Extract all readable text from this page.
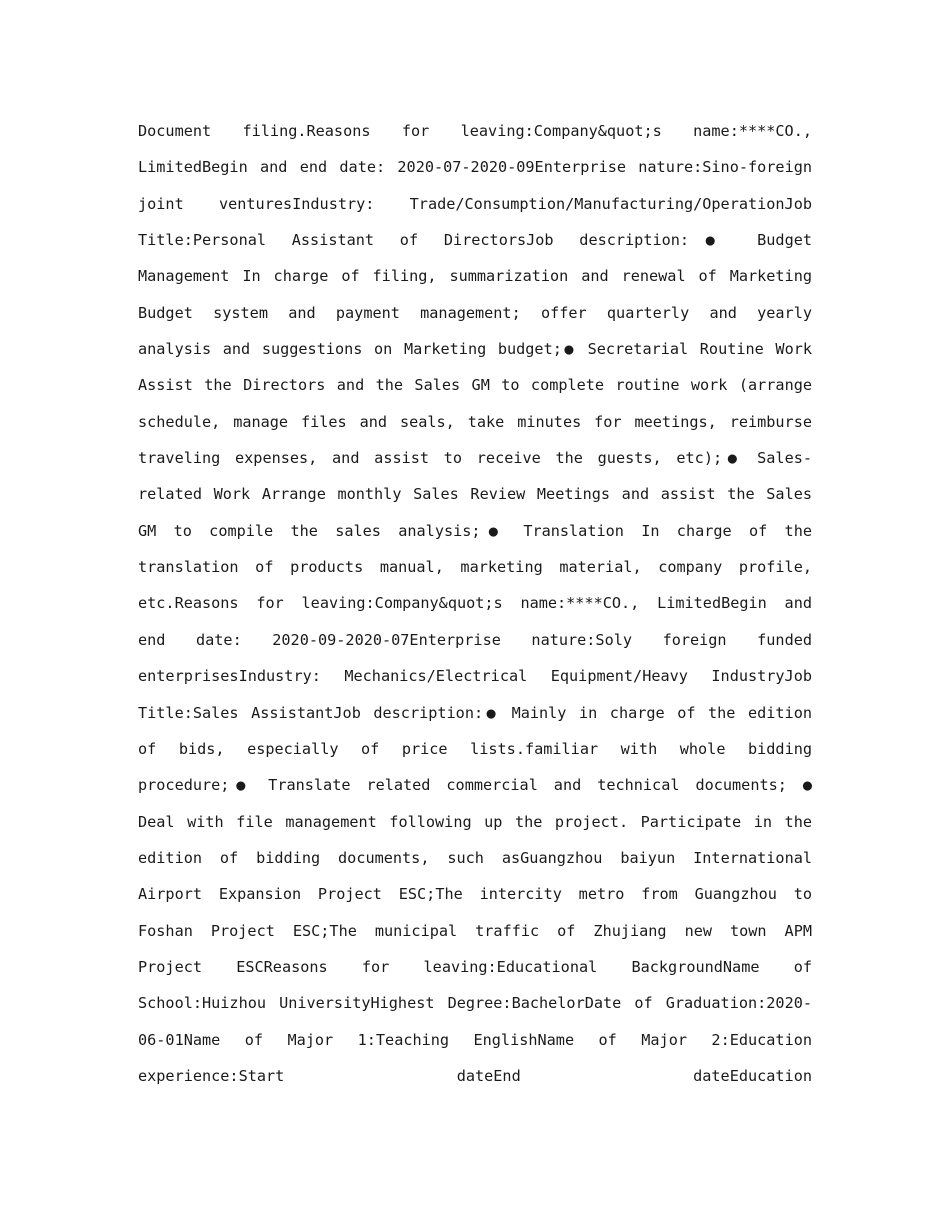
Document filing.Reasons for leaving:Company&quot;s name:****CO.,
LimitedBegin and end date: 2020-07-2020-09Enterprise nature:Sino-foreign
joint venturesIndustry: Trade/Consumption/Manufacturing/OperationJob
Title:Personal Assistant of DirectorsJob description:● Budget
Management In charge of filing, summarization and renewal of Marketing
Budget system and payment management; offer quarterly and yearly
analysis and suggestions on Marketing budget;● Secretarial Routine Work
Assist the Directors and the Sales GM to complete routine work (arrange
schedule, manage files and seals, take minutes for meetings, reimburse
traveling expenses, and assist to receive the guests, etc);● Sales-
related Work Arrange monthly Sales Review Meetings and assist the Sales
GM to compile the sales analysis;● Translation In charge of the
translation of products manual, marketing material, company profile,
etc.Reasons for leaving:Company&quot;s name:****CO., LimitedBegin and
end date: 2020-09-2020-07Enterprise nature:Soly foreign funded
enterprisesIndustry: Mechanics/Electrical Equipment/Heavy IndustryJob
Title:Sales AssistantJob description:● Mainly in charge of the edition
of bids, especially of price lists.familiar with whole bidding
procedure;● Translate related commercial and technical documents; ●
Deal with file management following up the project. Participate in the
edition of bidding documents, such asGuangzhou baiyun International
Airport Expansion Project ESC;The intercity metro from Guangzhou to
Foshan Project ESC;The municipal traffic of Zhujiang new town APM
Project ESCReasons for leaving:Educational BackgroundName of
School:Huizhou UniversityHighest Degree:BachelorDate of Graduation:2020-
06-01Name of Major 1:Teaching EnglishName of Major 2:Education
experience:Start dateEnd dateEducation
